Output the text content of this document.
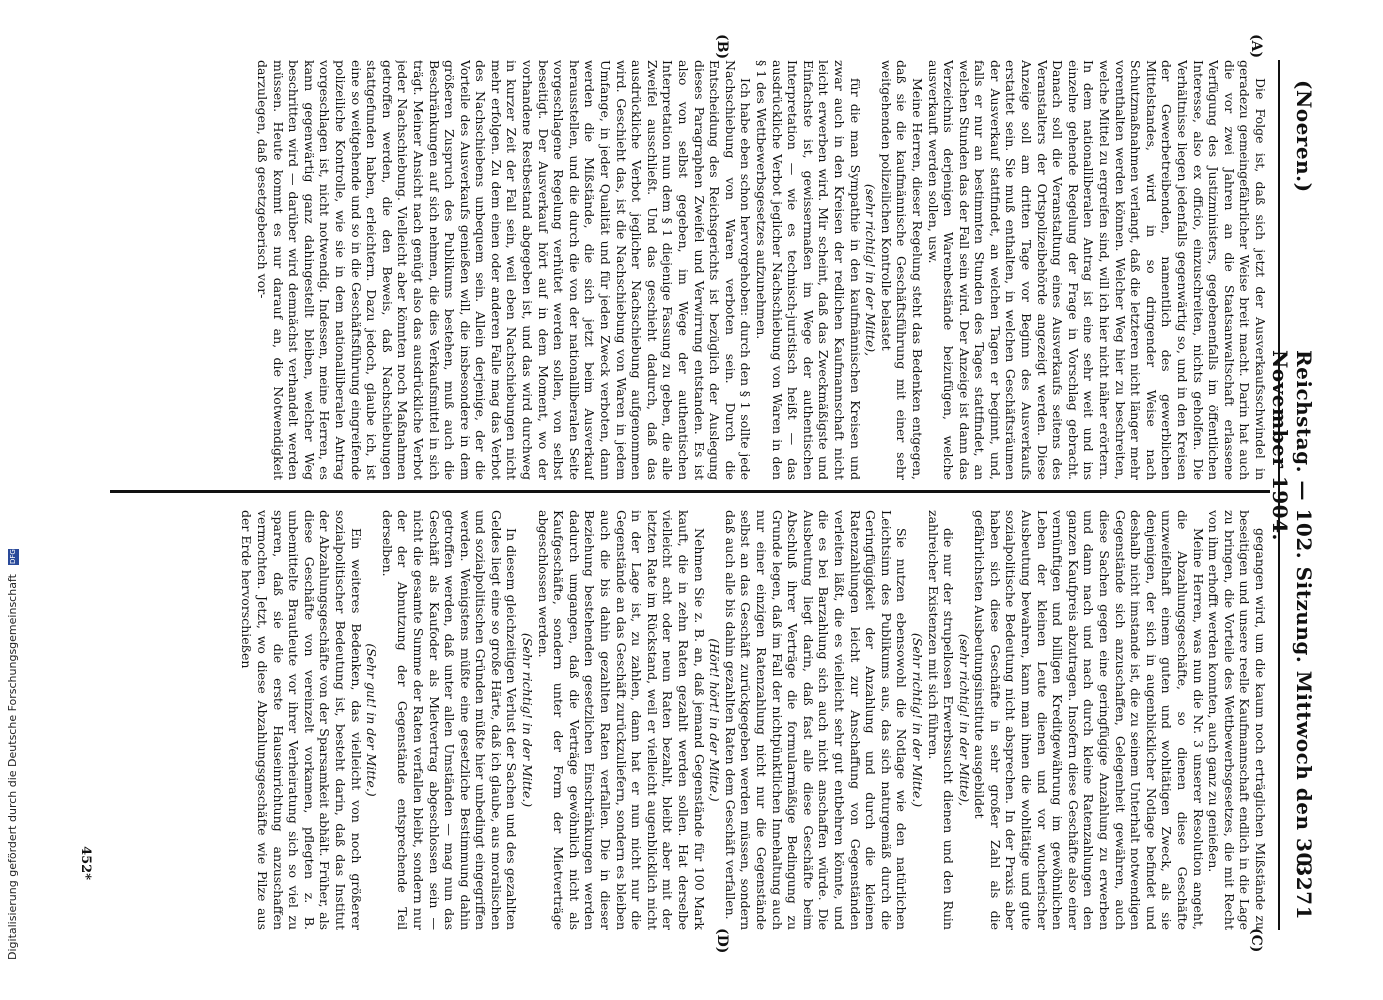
(Noeren.)
Reichstag. — 102. Sitzung. Mittwoch den 30. November 1904.
3271
(A)
(B)
(C)
(D)

Die Folge ist, daß sich jetzt der Ausverkaufsschwindel in geradezu gemeingefährlicher Weise breit macht. Darin hat auch die vor zwei Jahren an die Staatsanwaltschaft erlassene Verfügung des Justizministers, gegebenenfalls im öffentlichen Interesse, also ex officio, einzuschreiten, nichts geholfen. Die Verhältnisse liegen jedenfalls gegenwärtig so, und in den Kreisen der Gewerbetreibenden, namentlich des gewerblichen Mittelstandes, wird in so dringender Weise nach Schutzmaßnahmen verlangt, daß die letzteren nicht länger mehr vorenthalten werden können. Welcher Weg hier zu beschreiten, welche Mittel zu ergreifen sind, will ich hier nicht näher erörtern. In dem nationalliberalen Antrag ist eine sehr weit und ins einzelne gehende Regelung der Frage in Vorschlag gebracht. Danach soll die Veranstaltung eines Ausverkaufs seitens des Veranstalters der Ortspolizeibehörde angezeigt werden. Diese Anzeige soll am dritten Tage vor Beginn des Ausverkaufs erstattet sein. Sie muß enthalten, in welchen Geschäftsräumen der Ausverkauf stattfindet, an welchen Tagen er beginnt, und, falls er nur an bestimmten Stunden des Tages stattfindet, an welchen Stunden das der Fall sein wird. Der Anzeige ist dann das Verzeichnis derjenigen Warenbestände beizufügen, welche ausverkauft werden sollen, usw.

Meine Herren, dieser Regelung steht das Bedenken entgegen, daß sie die kaufmännische Geschäftsführung mit einer sehr weitgehenden polizeilichen Kontrolle belastet

(sehr richtig! in der Mitte),

für die man Sympathie in den kaufmännischen Kreisen und zwar auch in den Kreisen der redlichen Kaufmannschaft nicht leicht erwerben wird. Mir scheint, daß das Zweckmäßigste und Einfachste ist, gewissermaßen im Wege der authentischen Interpretation — wie es technisch-juristisch heißt — das ausdrückliche Verbot jeglicher Nachschiebung von Waren in den § 1 des Wettbewerbsgesetzes aufzunehmen.

Ich habe eben schon hervorgehoben: durch den § 1 sollte jede Nachschiebung von Waren verboten sein. Durch die Entscheidung des Reichsgerichts ist bezüglich der Auslegung dieses Paragraphen Zweifel und Verwirrung entstanden. Es ist also von selbst gegeben, im Wege der authentischen Interpretation nun dem § 1 diejenige Fassung zu geben, die alle Zweifel ausschließt. Und das geschieht dadurch, daß das ausdrückliche Verbot jeglicher Nachschiebung aufgenommen wird. Geschieht das, ist die Nachschiebung von Waren in jedem Umfange, in jeder Qualität und für jeden Zweck verboten, dann werden die Mißstände, die sich jetzt beim Ausverkauf herausstellen, und die durch die von der nationalliberalen Seite vorgeschlagene Regelung verhütet werden sollen, von selbst beseitigt. Der Ausverkauf hört auf in dem Moment, wo der vorhandene Restbestand abgegeben ist, und das wird durchweg in kurzer Zeit der Fall sein, weil eben Nachschiebungen nicht mehr erfolgen. Zu dem einen oder anderen Falle mag das Verbot des Nachschiebens unbequem sein. Allein derjenige, der die Vorteile des Ausverkaufs genießen will, die insbesondere in dem größeren Zuspruch des Publikums bestehen, muß auch die Beschränkungen auf sich nehmen, die dies Verkaufsmittel in sich trägt. Meiner Ansicht nach genügt also das ausdrückliche Verbot jeder Nachschiebung. Vielleicht aber könnten noch Maßnahmen getroffen werden, die den Beweis, daß Nachschiebungen stattgefunden haben, erleichtern. Dazu jedoch, glaube ich, ist eine so weitgehende und so in die Geschäftsführung eingreifende polizeiliche Kontrolle, wie sie in dem nationalliberalen Antrag vorgeschlagen ist, nicht notwendig. Indessen, meine Herren, es kann gegenwärtig ganz dahingestellt bleiben, welcher Weg beschritten wird — darüber wird demnächst verhandelt werden müssen. Heute kommt es nur darauf an, die Notwendigkeit darzulegen, daß gesetzgeberisch vor-

gegangen wird, um die kaum noch erträglichen Mißstände zu beseitigen und unsere reelle Kaufmannschaft endlich in die Lage zu bringen, die Vorteile des Wettbewerbsgesetzes, die mit Recht von ihm erhofft werden konnten, auch ganz zu genießen.

Meine Herren, was nun die Nr. 3 unserer Resolution angeht, die Abzahlungsgeschäfte, so dienen diese Geschäfte unzweifelhaft einem guten und wohltätigen Zweck, als sie denjenigen, der sich in augenblicklicher Notlage befindet und deshalb nicht imstande ist, die zu seinem Unterhalt notwendigen Gegenstände sich anzuschaffen, Gelegenheit gewähren, auch diese Sachen gegen eine geringfügige Anzahlung zu erwerben und dann nach und nach durch kleine Ratenzahlungen den ganzen Kaufpreis abzutragen. Insofern diese Geschäfte also einer vernünftigen und billigen Kreditgewährung im gewöhnlichen Leben der kleinen Leute dienen und vor wucherischer Ausbeutung bewahren, kann man ihnen die wohltätige und gute sozialpolitische Bedeutung nicht absprechen. In der Praxis aber haben sich diese Geschäfte in sehr großer Zahl als die gefährlichsten Ausbeutungsinstitute ausgebildet

(sehr richtig! in der Mitte),

die nur der strupellosen Erwerbssucht dienen und den Ruin zahlreicher Existenzen mit sich führen.

(Sehr richtig! in der Mitte.)

Sie nutzen ebensowohl die Notlage wie den natürlichen Leichtsinn des Publikums aus, das sich naturgemäß durch die Geringfügigkeit der Anzahlung und durch die kleinen Ratenzahlungen leicht zur Anschaffung von Gegenständen verleiten läßt, die es vielleicht sehr gut entbehren könnte, und die es bei Barzahlung sich auch nicht anschaffen würde. Die Ausbeutung liegt darin, daß fast alle diese Geschäfte beim Abschluß ihrer Verträge die formularmäßige Bedingung zu Grunde legen, daß im Fall der nichtpünktlichen Innehaltung auch nur einer einzigen Ratenzahlung nicht nur die Gegenstände selbst an das Geschäft zurückgegeben werden müssen, sondern daß auch alle bis dahin gezahlten Raten dem Geschäft verfallen.

(Hört! hört! in der Mitte.)

Nehmen Sie z. B. an, daß jemand Gegenstände für 100 Mark kauft, die in zehn Raten gezahlt werden sollen. Hat derselbe vielleicht acht oder neun Raten bezahlt, bleibt aber mit der letzten Rate im Rückstand, weil er vielleicht augenblicklich nicht in der Lage ist, zu zahlen, dann hat er nun nicht nur die Gegenstände an das Geschäft zurückzuliefern, sondern es bleiben auch die bis dahin gezahlten Raten verfallen. Die in dieser Beziehung bestehenden gesetzlichen Einschränkungen werden dadurch umgangen, daß die Verträge gewöhnlich nicht als Kaufgeschäfte, sondern unter der Form der Mietverträge abgeschlossen werden.

(Sehr richtig! in der Mitte.)

In diesem gleichzeitigen Verlust der Sachen und des gezahlten Geldes liegt eine so große Härte, daß ich glaube, aus moralischen und sozialpolitischen Gründen müßte hier unbedingt eingegriffen werden. Wenigstens müßte eine gesetzliche Bestimmung dahin getroffen werden, daß unter allen Umständen — mag nun das Geschäft als Kaufoder als Mietvertrag abgeschlossen sein — nicht die gesamte Summe der Raten verfallen bleibt, sondern nur der der Abnutzung der Gegenstände entsprechende Teil derselben.

(Sehr gut! in der Mitte.)

Ein weiteres Bedenken, das vielleicht von noch größerer sozialpolitischer Bedeutung ist, besteht darin, daß das Institut der Abzahlungsgeschäfte von der Sparsamkeit abhält. Früher, als diese Geschäfte von vereinzelt vorkamen, pflegten z. B. unbemittelte Brautleute vor ihrer Verheiratung sich so viel zu sparen, daß sie die erste Hauseinrichtung anzuschaffen vermochten. Jetzt, wo diese Abzahlungsgeschäfte wie Pilze aus der Erde hervorschießen

452*
Digitalisierung gefördert durch die Deutsche Forschungsgemeinschaft DFG
